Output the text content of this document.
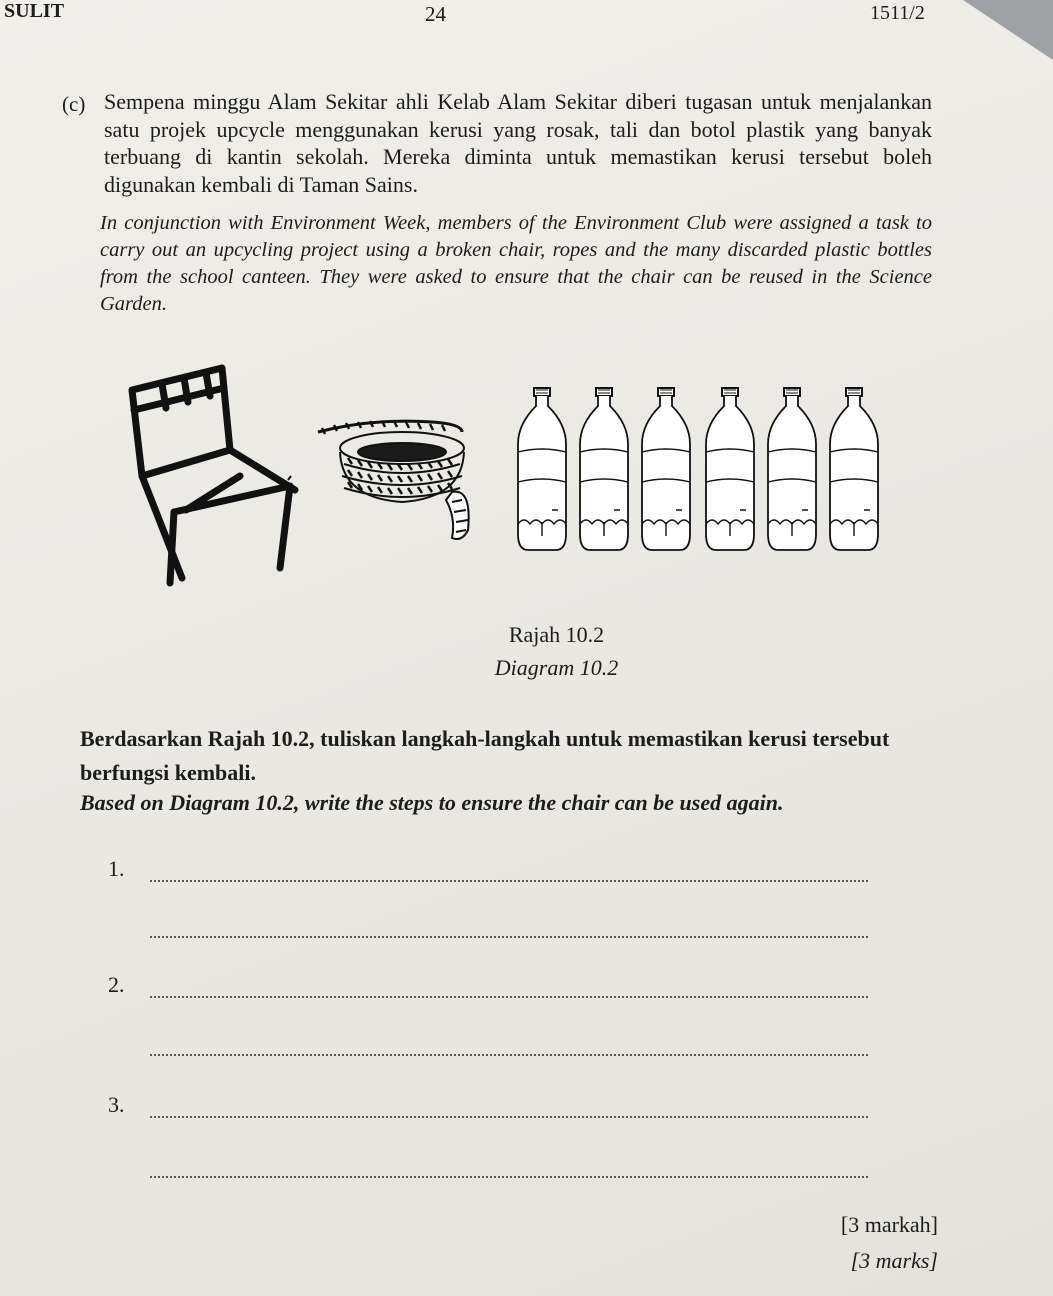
SULIT	24	1511/2
(c) Sempena minggu Alam Sekitar ahli Kelab Alam Sekitar diberi tugasan untuk menjalankan satu projek upcycle menggunakan kerusi yang rosak, tali dan botol plastik yang banyak terbuang di kantin sekolah. Mereka diminta untuk memastikan kerusi tersebut boleh digunakan kembali di Taman Sains.
In conjunction with Environment Week, members of the Environment Club were assigned a task to carry out an upcycling project using a broken chair, ropes and the many discarded plastic bottles from the school canteen. They were asked to ensure that the chair can be reused in the Science Garden.
Rajah 10.2
Diagram 10.2
Berdasarkan Rajah 10.2, tuliskan langkah-langkah untuk memastikan kerusi tersebut berfungsi kembali.
Based on Diagram 10.2, write the steps to ensure the chair can be used again.
1.
2.
3.
[3 markah]
[3 marks]
